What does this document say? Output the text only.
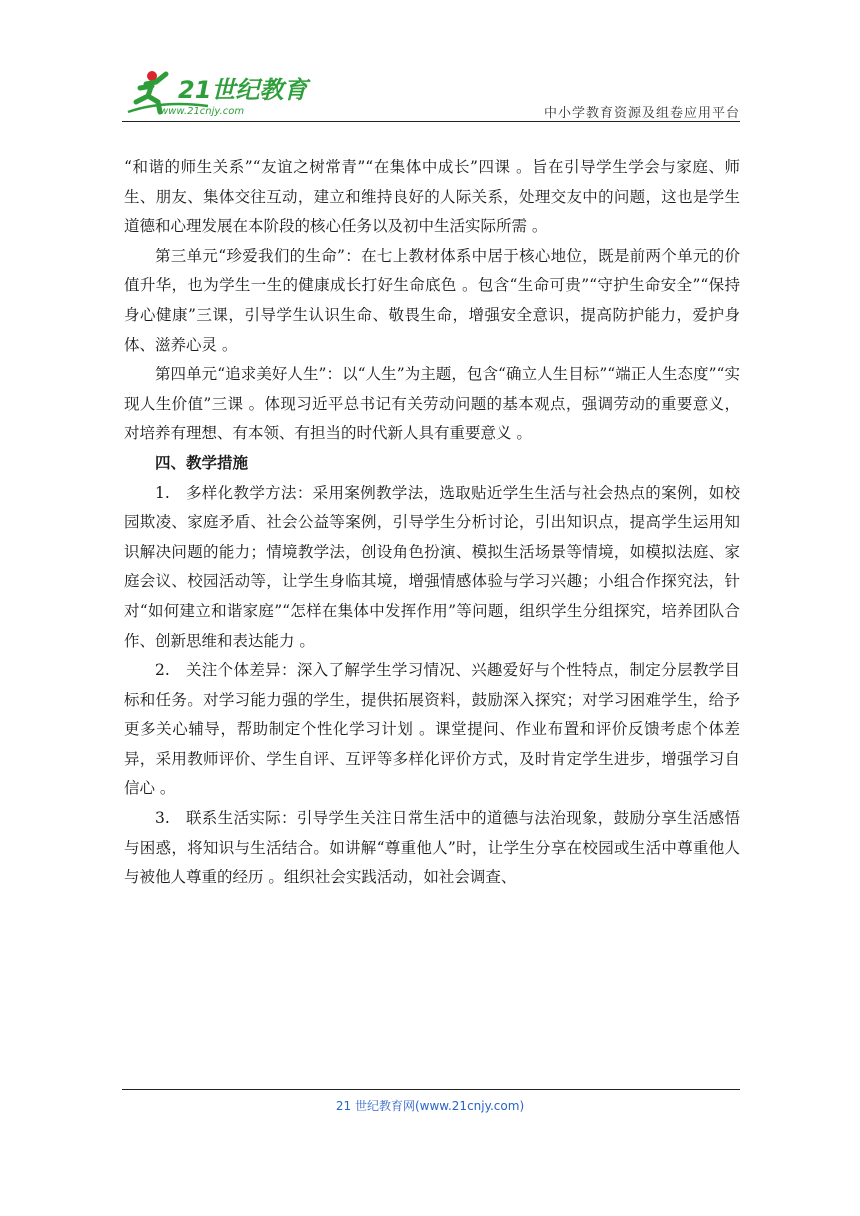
21世纪教育
www.21cnjy.com	中小学教育资源及组卷应用平台

“和谐的师生关系”“友谊之树常青”“在集体中成长”四课 。旨在引导学生学会与家庭、师生、朋友、集体交往互动，建立和维持良好的人际关系，处理交友中的问题，这也是学生道德和心理发展在本阶段的核心任务以及初中生活实际所需 。

第三单元“珍爱我们的生命”：在七上教材体系中居于核心地位，既是前两个单元的价值升华，也为学生一生的健康成长打好生命底色 。包含“生命可贵”“守护生命安全”“保持身心健康”三课，引导学生认识生命、敬畏生命，增强安全意识，提高防护能力，爱护身体、滋养心灵 。

第四单元“追求美好人生”：以“人生”为主题，包含“确立人生目标”“端正人生态度”“实现人生价值”三课 。体现习近平总书记有关劳动问题的基本观点，强调劳动的重要意义，对培养有理想、有本领、有担当的时代新人具有重要意义 。

四、教学措施

1.　多样化教学方法：采用案例教学法，选取贴近学生生活与社会热点的案例，如校园欺凌、家庭矛盾、社会公益等案例，引导学生分析讨论，引出知识点，提高学生运用知识解决问题的能力；情境教学法，创设角色扮演、模拟生活场景等情境，如模拟法庭、家庭会议、校园活动等，让学生身临其境，增强情感体验与学习兴趣；小组合作探究法，针对“如何建立和谐家庭”“怎样在集体中发挥作用”等问题，组织学生分组探究，培养团队合作、创新思维和表达能力 。

2.　关注个体差异：深入了解学生学习情况、兴趣爱好与个性特点，制定分层教学目标和任务。对学习能力强的学生，提供拓展资料，鼓励深入探究；对学习困难学生，给予更多关心辅导，帮助制定个性化学习计划 。课堂提问、作业布置和评价反馈考虑个体差异，采用教师评价、学生自评、互评等多样化评价方式，及时肯定学生进步，增强学习自信心 。

3.　联系生活实际：引导学生关注日常生活中的道德与法治现象，鼓励分享生活感悟与困惑，将知识与生活结合。如讲解“尊重他人”时，让学生分享在校园或生活中尊重他人与被他人尊重的经历 。组织社会实践活动，如社会调查、

21 世纪教育网(www.21cnjy.com)
